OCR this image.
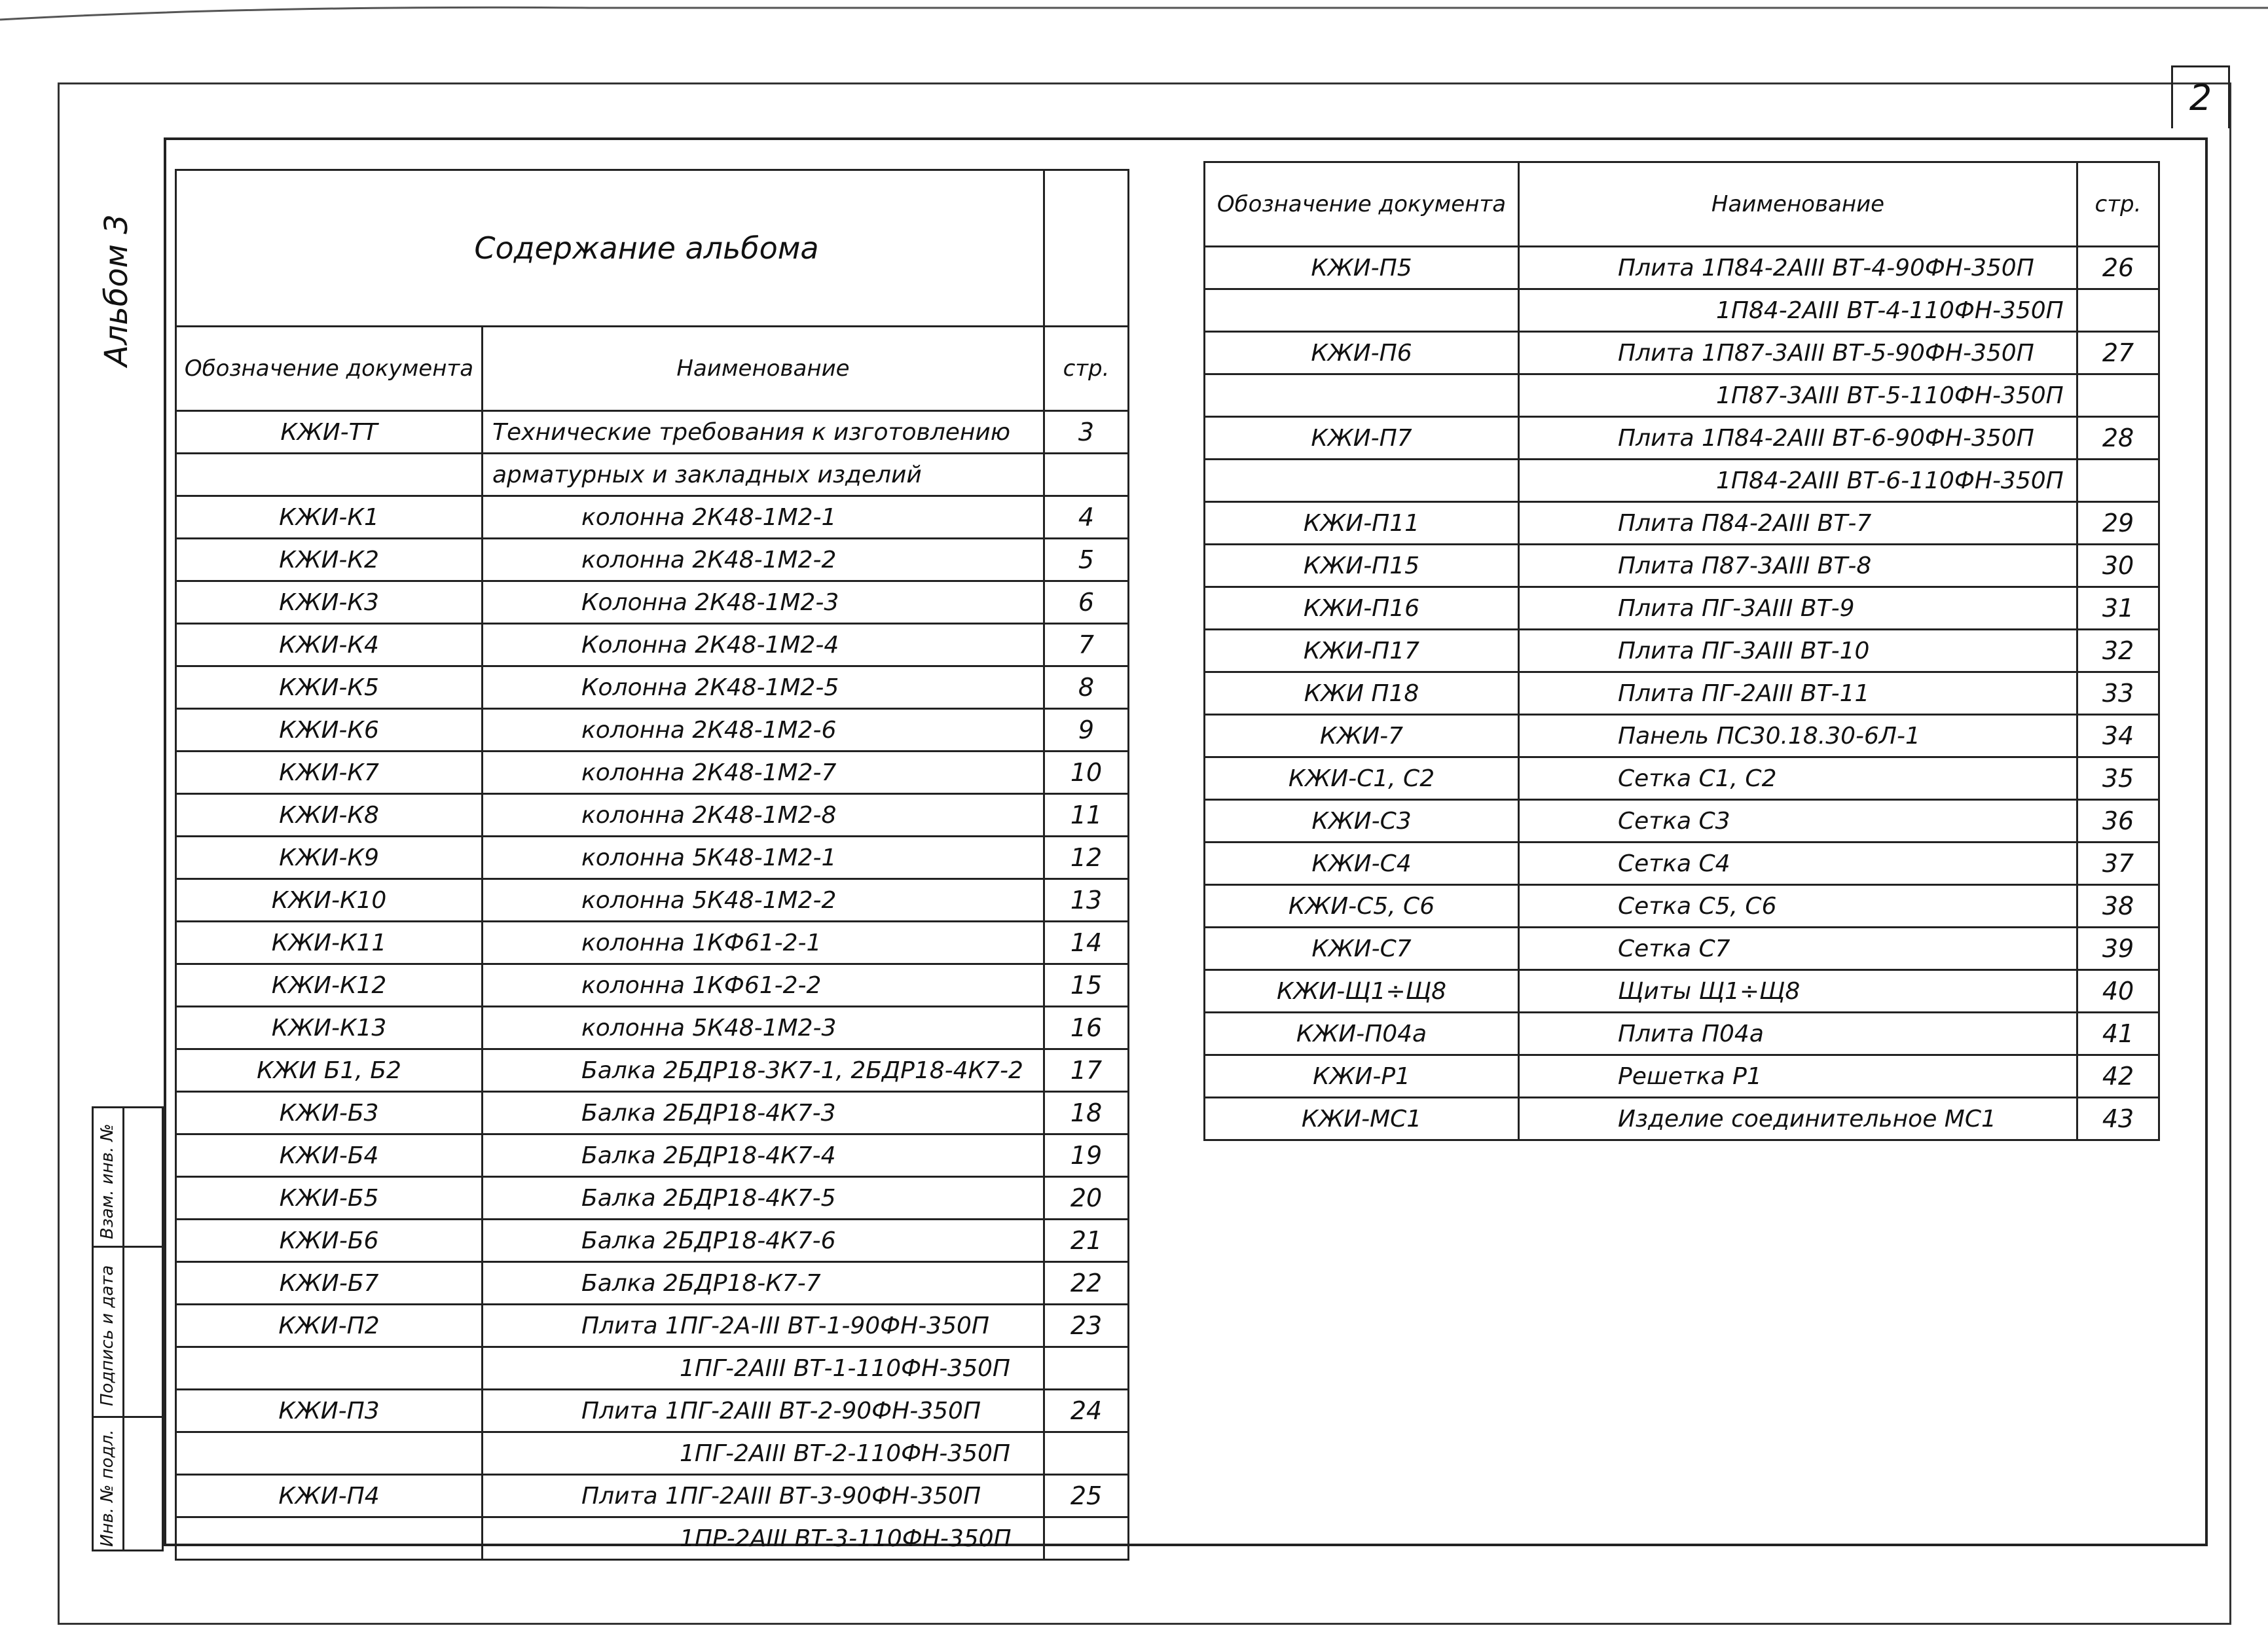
2
Альбом 3
Взам. инв. №
Подпись и дата
Инв. № подл.
Содержание альбома		
Обозначение документа	Наименование	стр.
КЖИ-ТТ	Технические требования к изготовлению	3
	арматурных и закладных изделий	
КЖИ-К1	колонна 2К48-1М2-1	4
КЖИ-К2	колонна 2К48-1М2-2	5
КЖИ-К3	Колонна 2К48-1М2-3	6
КЖИ-К4	Колонна 2К48-1М2-4	7
КЖИ-К5	Колонна 2К48-1М2-5	8
КЖИ-К6	колонна 2К48-1М2-6	9
КЖИ-К7	колонна 2К48-1М2-7	10
КЖИ-К8	колонна 2К48-1М2-8	11
КЖИ-К9	колонна 5К48-1М2-1	12
КЖИ-К10	колонна 5К48-1М2-2	13
КЖИ-К11	колонна 1КФ61-2-1	14
КЖИ-К12	колонна 1КФ61-2-2	15
КЖИ-К13	колонна 5К48-1М2-3	16
КЖИ Б1, Б2	Балка 2БДР18-3К7-1, 2БДР18-4К7-2	17
КЖИ-Б3	Балка 2БДР18-4К7-3	18
КЖИ-Б4	Балка 2БДР18-4К7-4	19
КЖИ-Б5	Балка 2БДР18-4К7-5	20
КЖИ-Б6	Балка 2БДР18-4К7-6	21
КЖИ-Б7	Балка 2БДР18-К7-7	22
КЖИ-П2	Плита 1ПГ-2А-III ВТ-1-90ФН-350П	23
	1ПГ-2АIII ВТ-1-110ФН-350П	
КЖИ-П3	Плита 1ПГ-2АIII ВТ-2-90ФН-350П	24
	1ПГ-2АIII ВТ-2-110ФН-350П	
КЖИ-П4	Плита 1ПГ-2АIII ВТ-3-90ФН-350П	25
	1ПР-2АIII ВТ-3-110ФН-350П	
Обозначение документа	Наименование	стр.
КЖИ-П5	Плита 1П84-2АIII ВТ-4-90ФН-350П	26
	1П84-2АIII ВТ-4-110ФН-350П	
КЖИ-П6	Плита 1П87-3АIII ВТ-5-90ФН-350П	27
	1П87-3АIII ВТ-5-110ФН-350П	
КЖИ-П7	Плита 1П84-2АIII ВТ-6-90ФН-350П	28
	1П84-2АIII ВТ-6-110ФН-350П	
КЖИ-П11	Плита П84-2АIII ВТ-7	29
КЖИ-П15	Плита П87-3АIII ВТ-8	30
КЖИ-П16	Плита ПГ-3АIII ВТ-9	31
КЖИ-П17	Плита ПГ-3АIII ВТ-10	32
КЖИ П18	Плита ПГ-2АIII ВТ-11	33
КЖИ-7	Панель ПС30.18.30-6Л-1	34
КЖИ-С1, С2	Сетка С1, С2	35
КЖИ-С3	Сетка С3	36
КЖИ-С4	Сетка С4	37
КЖИ-С5, С6	Сетка С5, С6	38
КЖИ-С7	Сетка С7	39
КЖИ-Щ1÷Щ8	Щиты Щ1÷Щ8	40
КЖИ-П04а	Плита П04а	41
КЖИ-Р1	Решетка Р1	42
КЖИ-МС1	Изделие соединительное МС1	43
